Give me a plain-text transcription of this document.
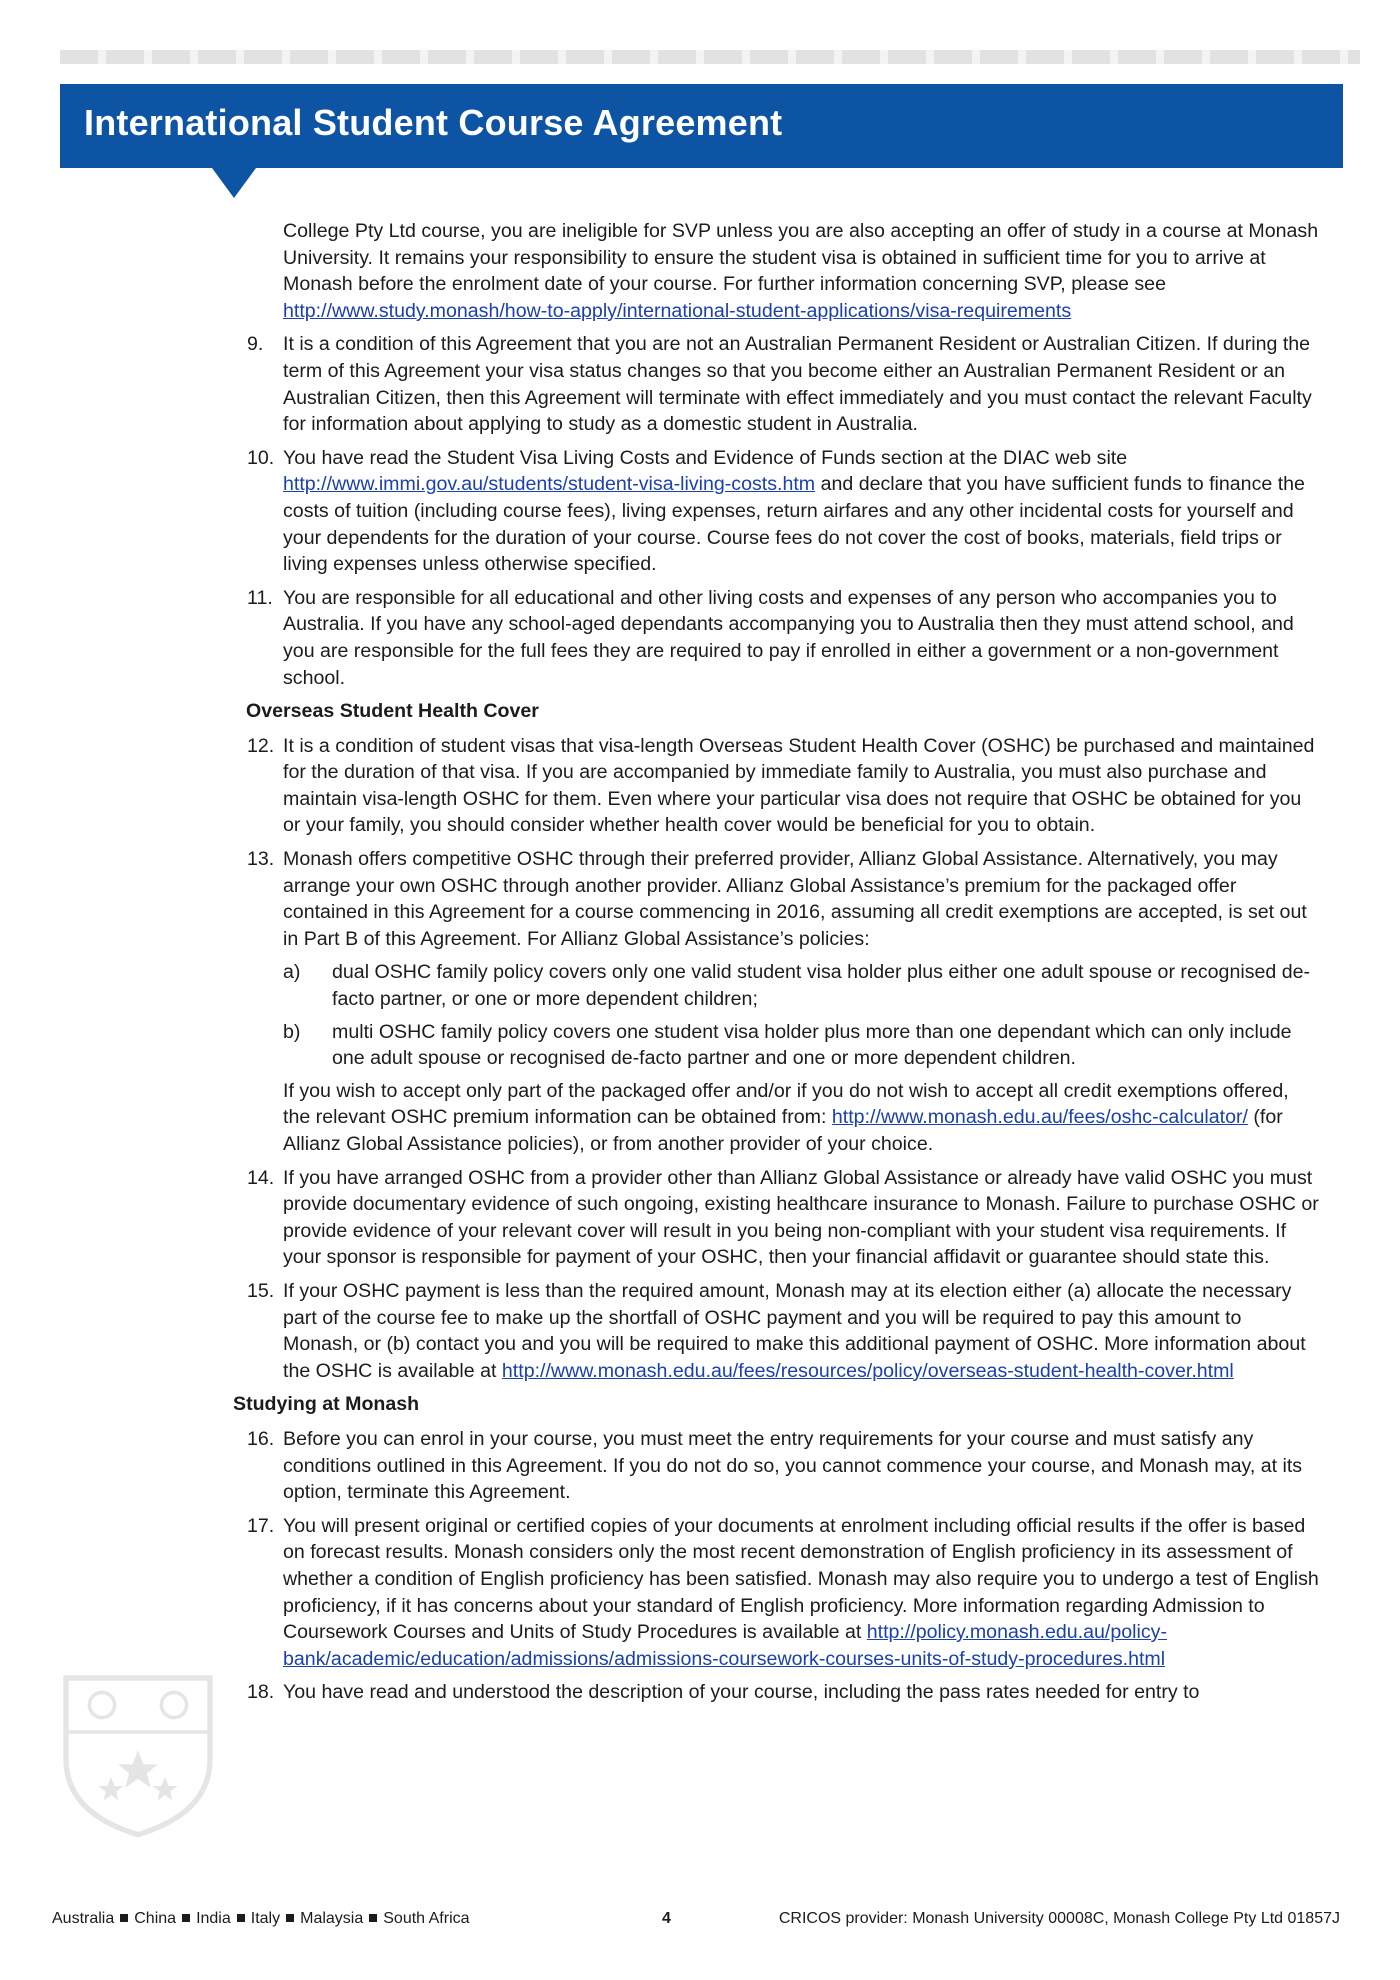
International Student Course Agreement
College Pty Ltd course, you are ineligible for SVP unless you are also accepting an offer of study in a course at Monash University. It remains your responsibility to ensure the student visa is obtained in sufficient time for you to arrive at Monash before the enrolment date of your course. For further information concerning SVP, please see http://www.study.monash/how-to-apply/international-student-applications/visa-requirements
9. It is a condition of this Agreement that you are not an Australian Permanent Resident or Australian Citizen. If during the term of this Agreement your visa status changes so that you become either an Australian Permanent Resident or an Australian Citizen, then this Agreement will terminate with effect immediately and you must contact the relevant Faculty for information about applying to study as a domestic student in Australia.

10. You have read the Student Visa Living Costs and Evidence of Funds section at the DIAC web site http://www.immi.gov.au/students/student-visa-living-costs.htm and declare that you have sufficient funds to finance the costs of tuition (including course fees), living expenses, return airfares and any other incidental costs for yourself and your dependents for the duration of your course. Course fees do not cover the cost of books, materials, field trips or living expenses unless otherwise specified.

11. You are responsible for all educational and other living costs and expenses of any person who accompanies you to Australia. If you have any school-aged dependants accompanying you to Australia then they must attend school, and you are responsible for the full fees they are required to pay if enrolled in either a government or a non-government school.

Overseas Student Health Cover
12. It is a condition of student visas that visa-length Overseas Student Health Cover (OSHC) be purchased and maintained for the duration of that visa. If you are accompanied by immediate family to Australia, you must also purchase and maintain visa-length OSHC for them. Even where your particular visa does not require that OSHC be obtained for you or your family, you should consider whether health cover would be beneficial for you to obtain.

13. Monash offers competitive OSHC through their preferred provider, Allianz Global Assistance. Alternatively, you may arrange your own OSHC through another provider. Allianz Global Assistance’s premium for the packaged offer contained in this Agreement for a course commencing in 2016, assuming all credit exemptions are accepted, is set out in Part B of this Agreement. For Allianz Global Assistance’s policies:

a) dual OSHC family policy covers only one valid student visa holder plus either one adult spouse or recognised de-facto partner, or one or more dependent children;

b) multi OSHC family policy covers one student visa holder plus more than one dependant which can only include one adult spouse or recognised de-facto partner and one or more dependent children.

If you wish to accept only part of the packaged offer and/or if you do not wish to accept all credit exemptions offered, the relevant OSHC premium information can be obtained from: http://www.monash.edu.au/fees/oshc-calculator/ (for Allianz Global Assistance policies), or from another provider of your choice.

14. If you have arranged OSHC from a provider other than Allianz Global Assistance or already have valid OSHC you must provide documentary evidence of such ongoing, existing healthcare insurance to Monash. Failure to purchase OSHC or provide evidence of your relevant cover will result in you being non-compliant with your student visa requirements. If your sponsor is responsible for payment of your OSHC, then your financial affidavit or guarantee should state this.

15. If your OSHC payment is less than the required amount, Monash may at its election either (a) allocate the necessary part of the course fee to make up the shortfall of OSHC payment and you will be required to pay this amount to Monash, or (b) contact you and you will be required to make this additional payment of OSHC. More information about the OSHC is available at http://www.monash.edu.au/fees/resources/policy/overseas-student-health-cover.html

Studying at Monash
16. Before you can enrol in your course, you must meet the entry requirements for your course and must satisfy any conditions outlined in this Agreement. If you do not do so, you cannot commence your course, and Monash may, at its option, terminate this Agreement.

17. You will present original or certified copies of your documents at enrolment including official results if the offer is based on forecast results. Monash considers only the most recent demonstration of English proficiency in its assessment of whether a condition of English proficiency has been satisfied. Monash may also require you to undergo a test of English proficiency, if it has concerns about your standard of English proficiency. More information regarding Admission to Coursework Courses and Units of Study Procedures is available at http://policy.monash.edu.au/policy-bank/academic/education/admissions/admissions-coursework-courses-units-of-study-procedures.html

18. You have read and understood the description of your course, including the pass rates needed for entry to

Australia China India Italy Malaysia South Africa	4	CRICOS provider: Monash University 00008C, Monash College Pty Ltd 01857J
